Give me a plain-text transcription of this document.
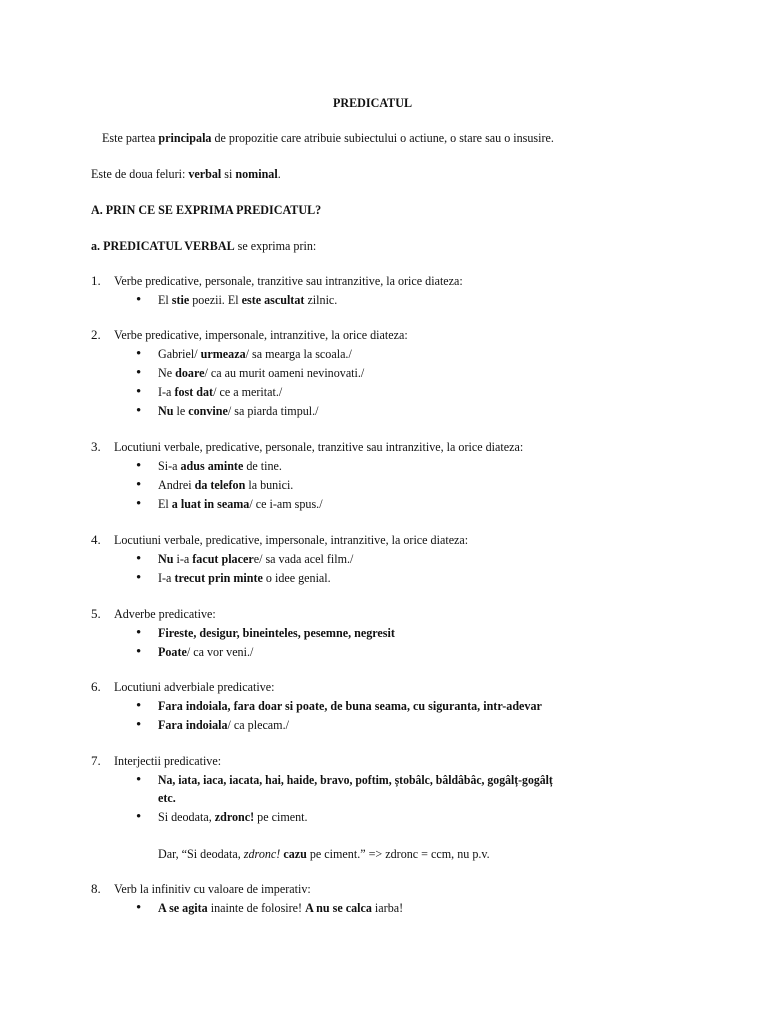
PREDICATUL
Este partea principala de propozitie care atribuie subiectului o actiune, o stare sau o insusire.
Este de doua feluri: verbal si nominal.
A. PRIN CE SE EXPRIMA PREDICATUL?
a. PREDICATUL VERBAL se exprima prin:
1. Verbe predicative, personale, tranzitive sau intranzitive, la orice diateza:
• El stie poezii. El este ascultat zilnic.
2. Verbe predicative, impersonale, intranzitive, la orice diateza:
• Gabriel/ urmeaza/ sa mearga la scoala./
• Ne doare/ ca au murit oameni nevinovati./
• I-a fost dat/ ce a meritat./
• Nu le convine/ sa piarda timpul./
3. Locutiuni verbale, predicative, personale, tranzitive sau intranzitive, la orice diateza:
• Si-a adus aminte de tine.
• Andrei da telefon la bunici.
• El a luat in seama/ ce i-am spus./
4. Locutiuni verbale, predicative, impersonale, intranzitive, la orice diateza:
• Nu i-a facut placere/ sa vada acel film./
• I-a trecut prin minte o idee genial.
5. Adverbe predicative:
• Fireste, desigur, bineinteles, pesemne, negresit
• Poate/ ca vor veni./
6. Locutiuni adverbiale predicative:
• Fara indoiala, fara doar si poate, de buna seama, cu siguranta, intr-adevar
• Fara indoiala/ ca plecam./
7. Interjectii predicative:
• Na, iata, iaca, iacata, hai, haide, bravo, poftim, ștobâlc, bâldâbâc, gogâlț-gogâlț
etc.
• Si deodata, zdronc! pe ciment.
Dar, “Si deodata, zdronc! cazu pe ciment.” => zdronc = ccm, nu p.v.
8. Verb la infinitiv cu valoare de imperativ:
• A se agita inainte de folosire! A nu se calca iarba!
